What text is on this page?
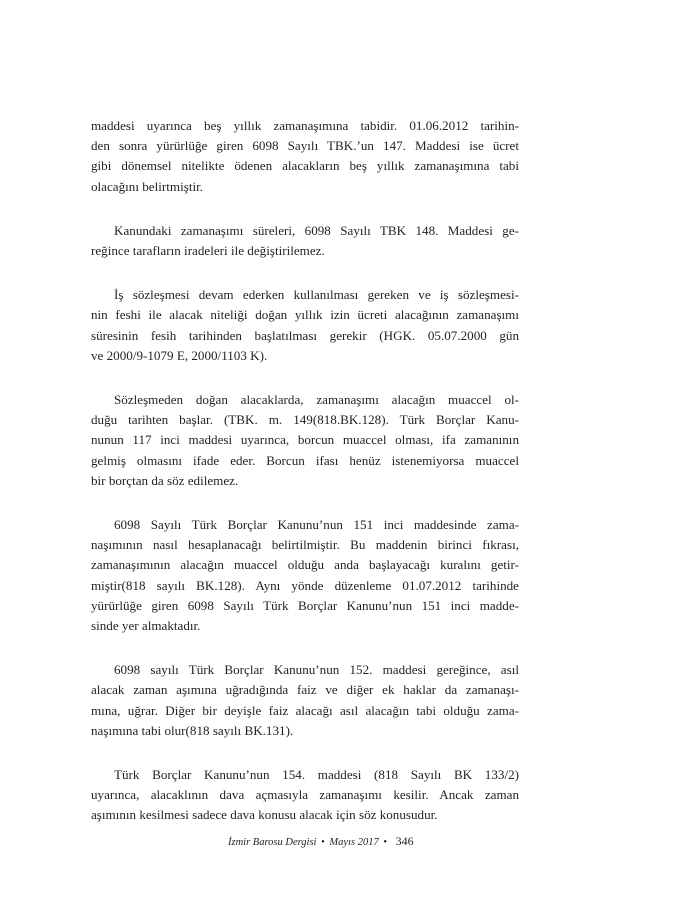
maddesi uyarınca beş yıllık zamanaşımına tabidir. 01.06.2012 tarihin-
den sonra yürürlüğe giren 6098 Sayılı TBK.’un 147. Maddesi ise ücret
gibi dönemsel nitelikte ödenen alacakların beş yıllık zamanaşımına tabi
olacağını belirtmiştir.

Kanundaki zamanaşımı süreleri, 6098 Sayılı TBK 148. Maddesi ge-
reğince tarafların iradeleri ile değiştirilemez.

İş sözleşmesi devam ederken kullanılması gereken ve iş sözleşmesi-
nin feshi ile alacak niteliği doğan yıllık izin ücreti alacağının zamanaşımı
süresinin fesih tarihinden başlatılması gerekir (HGK. 05.07.2000 gün
ve 2000/9-1079 E, 2000/1103 K).

Sözleşmeden doğan alacaklarda, zamanaşımı alacağın muaccel ol-
duğu tarihten başlar. (TBK. m. 149(818.BK.128). Türk Borçlar Kanu-
nunun 117 inci maddesi uyarınca, borcun muaccel olması, ifa zamanının
gelmiş olmasını ifade eder. Borcun ifası henüz istenemiyorsa muaccel
bir borçtan da söz edilemez.

6098 Sayılı Türk Borçlar Kanunu’nun 151 inci maddesinde zama-
naşımının nasıl hesaplanacağı belirtilmiştir. Bu maddenin birinci fıkrası,
zamanaşımının alacağın muaccel olduğu anda başlayacağı kuralını getir-
miştir(818 sayılı BK.128). Aynı yönde düzenleme 01.07.2012 tarihinde
yürürlüğe giren 6098 Sayılı Türk Borçlar Kanunu’nun 151 inci madde-
sinde yer almaktadır.

6098 sayılı Türk Borçlar Kanunu’nun 152. maddesi gereğince, asıl
alacak zaman aşımına uğradığında faiz ve diğer ek haklar da zamanaşı-
mına, uğrar. Diğer bir deyişle faiz alacağı asıl alacağın tabi olduğu zama-
naşımına tabi olur(818 sayılı BK.131).

Türk Borçlar Kanunu’nun 154. maddesi (818 Sayılı BK 133/2)
uyarınca, alacaklının dava açmasıyla zamanaşımı kesilir. Ancak zaman
aşımının kesilmesi sadece dava konusu alacak için söz konusudur.

İzmir Barosu Dergisi • Mayıs 2017 • 346
